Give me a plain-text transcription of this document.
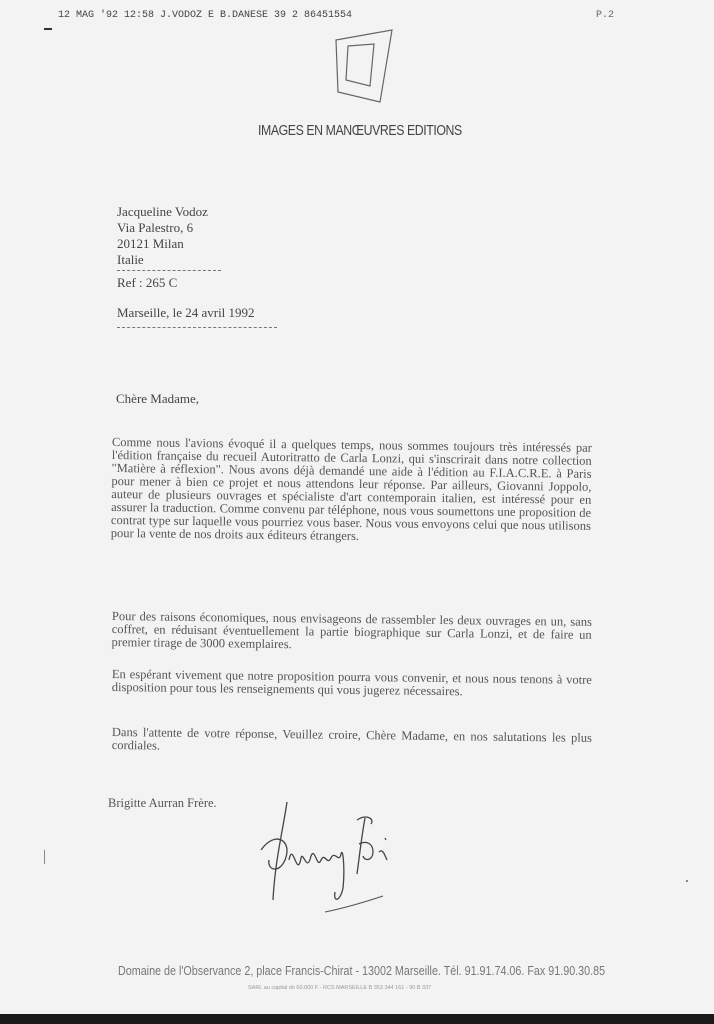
12 MAG '92 12:58 J.VODOZ E B.DANESE 39 2 86451554	P.2
IMAGES EN MANŒUVRES EDITIONS
Jacqueline Vodoz
Via Palestro, 6
20121 Milan
Italie
Ref : 265 C
Marseille, le 24 avril 1992
Chère Madame,
Comme nous l'avions évoqué il a quelques temps, nous sommes toujours très intéressés par l'édition française du recueil Autoritratto de Carla Lonzi, qui s'inscrirait dans notre collection "Matière à réflexion". Nous avons déjà demandé une aide à l'édition au F.I.A.C.R.E. à Paris pour mener à bien ce projet et nous attendons leur réponse. Par ailleurs, Giovanni Joppolo, auteur de plusieurs ouvrages et spécialiste d'art contemporain italien, est intéressé pour en assurer la traduction. Comme convenu par téléphone, nous vous soumettons une proposition de contrat type sur laquelle vous pourriez vous baser. Nous vous envoyons celui que nous utilisons pour la vente de nos droits aux éditeurs étrangers.
Pour des raisons économiques, nous envisageons de rassembler les deux ouvrages en un, sans coffret, en réduisant éventuellement la partie biographique sur Carla Lonzi, et de faire un premier tirage de 3000 exemplaires.
En espérant vivement que notre proposition pourra vous convenir, et nous nous tenons à votre disposition pour tous les renseignements qui vous jugerez nécessaires.
Dans l'attente de votre réponse, Veuillez croire, Chère Madame, en nos salutations les plus cordiales.
Brigitte Aurran Frère.
Domaine de l'Observance 2, place Francis-Chirat - 13002 Marseille. Tél. 91.91.74.06. Fax 91.90.30.85
SARL au capital de 60.000 F - RCS MARSEILLE B 353 344 161 - 90 B 337
